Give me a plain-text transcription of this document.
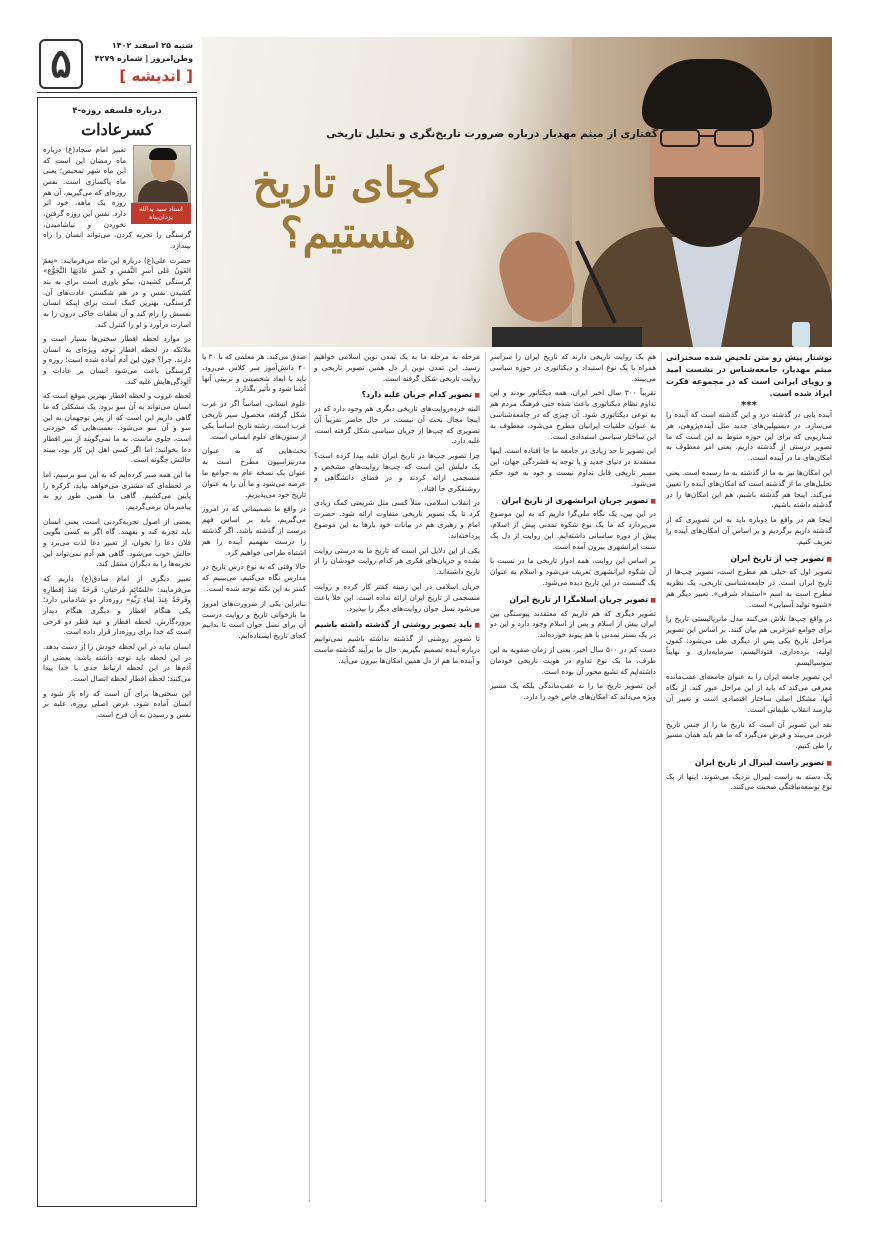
۵	شنبه ۲۵ اسفند ۱۴۰۲
وطن‌امروز | شماره ۴۲۷۹
[ اندیشه ]
درباره فلسفه روزه-۴
کسرعادات
استاد سید یدالله یزدان‌پناه

تعبیر امام سجاد(ع) درباره ماه رمضان این است که این ماه شهر تمحیص؛ یعنی ماه پاکسازی است. نفس روزه‌ای که می‌گیریم، آن هم روزه یک ماهه، خود اثر دارد. نفس این روزه گرفتن، نخوردن و نیاشامیدن، گرسنگی را تجربه کردن، می‌تواند انسان را راه بیندازد.

حضرت علی(ع) درباره این ماه می‌فرمایند: «نِعمَ العَونُ عَلی أسرِ النَّفسِ و کَسرِ عادَتِهَا التَّجَوُّع» گرسنگی کشیدن، نیکو یاوری است برای به بند کشیدن نفس و در هم شکستن عادت‌های آن. گرسنگی، بهترین کمک است برای اینکه انسان نفسش را رام کند و آن تعلقات خاکی درون را به اسارت درآورد و او را کنترل کند.

در موارد لحظه افطار سختی‌ها بسیار است و ملائکه در لحظه افطار توجه ویژه‌ای به انسان دارند. چرا؟ چون این آدم آماده شده است؛ روزه و گرسنگی باعث می‌شود انسان بر عادات و آلودگی‌هایش غلبه کند.

لحظه غروب و لحظه افطار بهترین موقع است که انسان می‌تواند به آن سو برود. یک مشکلی که ما گاهی داریم این است که از پس توجهمان به این سو و آن سو می‌شود. نعمت‌هایی که خوردنی است، جلوی ماست. به ما نمی‌گویند از سر افطار دعا بخوانید؛ اما اگر کسی اهل این کار بود، ببیند حالتش چگونه است.

ما این همه صبر کرده‌ایم که به این سو برسیم. اما در لحظه‌ای که مشتری می‌خواهد بیاید، کرکره را پایین می‌کشیم. گاهی ما همین طور رو به پیامبرمان برمی‌گردیم.

بعضی از اصول تجربه‌کردنی است، یعنی انسان باید تجربه کند و بفهمد. گاه اگر به کسی بگویی فلان دعا را بخوان، از تعبیر دعا لذت می‌برد و حالش خوب می‌شود. گاهی هم آدم نمی‌تواند این تجربه‌ها را به دیگران منتقل کند.

تعبیر دیگری از امام صادق(ع) داریم که می‌فرمایند: «للصّائِمِ فَرحَتانِ: فَرحَةٌ عِندَ إفطارِهِ وفَرحَةٌ عِندَ لِقاءِ رَبِّهِ» روزه‌دار دو شادمانی دارد؛ یکی هنگام افطار و دیگری هنگام دیدار پروردگارش. لحظه افطار و عید فطر دو فرحی است که خدا برای روزه‌دار قرار داده است.

انسان نباید در این لحظه خودش را از دست بدهد. در این لحظه باید توجه داشته باشد. بعضی از آدم‌ها در این لحظه ارتباط جدی با خدا پیدا می‌کنند؛ لحظه افطار لحظه اتصال است.

این سختی‌ها برای آن است که راه باز شود و انسان آماده شود. غرض اصلی روزه، غلبه بر نفس و رسیدن به آن فرح است.

گفتاری از میثم مهدیار درباره ضرورت تاریخ‌نگری و تحلیل تاریخی
کجای تاریخ
هستیم؟
نوشتار پیش رو متن تلخیص شده سخنرانی میثم مهدیار، جامعه‌شناس در نشست امید و رویای ایرانی است که در مجموعه فکرت ایراد شده است.
***

آینده یابی در گذشته درد و این گذشته است که آینده را می‌سازد. در دیسیپلین‌های جدید مثل آینده‌پژوهی، هر سناریویی که برای این حوزه منوط به این است که ما تصویر درستی از گذشته داریم. یعنی امر معطوف به امکان‌های ما در آینده است.

این امکان‌ها نیز به ما از گذشته به ما رسیده است. یعنی تحلیل‌های ما از گذشته است که امکان‌های آینده را تعیین می‌کند. اینجا هم گذشته باشیم، هم این امکان‌ها را در گذشته داشته باشیم.

اینجا هم در واقع ما دوباره باید به این تصویری که از گذشته داریم برگردیم و بر اساس آن امکان‌های آینده را تعریف کنیم.

■ تصویر چپ از تاریخ ایران

تصویر اول که خیلی هم مطرح است، تصویر چپ‌ها از تاریخ ایران است. در جامعه‌شناسی تاریخی، یک نظریه مطرح است به اسم «استبداد شرقی». تعبیر دیگر هم «شیوه تولید آسیایی» است.

در واقع چپ‌ها تلاش می‌کنند مدل ماتریالیستی تاریخ را برای جوامع غیرغربی هم بیان کنند. بر اساس این تصویر مراحل تاریخ یکی پس از دیگری طی می‌شود: کمون اولیه، برده‌داری، فئودالیسم، سرمایه‌داری و نهایتاً سوسیالیسم.

این تصویر جامعه ایران را به عنوان جامعه‌ای عقب‌مانده معرفی می‌کند که باید از این مراحل عبور کند. از نگاه آنها، مشکل اصلی ساختار اقتصادی است و تغییر آن نیازمند انقلاب طبقاتی است.

نقد این تصویر آن است که تاریخ ما را از جنس تاریخ غربی می‌بیند و فرض می‌گیرد که ما هم باید همان مسیر را طی کنیم.

■ تصویر راست لیبرال از تاریخ ایران

یک دسته به راست لیبرال نزدیک می‌شوند. اینها از یک نوع توسعه‌نیافتگی صحبت می‌کنند.

هم یک روایت تاریخی دارند که تاریخ ایران را سراسر همراه با یک نوع استبداد و دیکتاتوری در حوزه سیاسی می‌بینند.

تقریباً ۳۰۰ سال اخیر ایران، همه دیکتاتور بودند و این تداوم نظام دیکتاتوری باعث شده حتی فرهنگ مردم هم به نوعی دیکتاتوری شود. آن چیزی که در جامعه‌شناسی به عنوان خلقیات ایرانیان مطرح می‌شود، معطوف به این ساختار سیاسی استبدادی است.

این تصویر تا حد زیادی در جامعه ما جا افتاده است. اینها معتقدند در دنیای جدید و با توجه به فشردگی جهان، این مسیر تاریخی قابل تداوم نیست و خود به خود حکم می‌شود.

■ تصویر جریان ایرانشهری از تاریخ ایران

در این بین، یک نگاه ملی‌گرا داریم که به این موضوع می‌پردازد که ما یک نوع شکوه تمدنی پیش از اسلام، پیش از دوره ساسانی داشته‌ایم. این روایت از دل یک سنت ایرانشهری بیرون آمده است.

بر اساس این روایت، همه ادوار تاریخی ما در نسبت با آن شکوه ایرانشهری تعریف می‌شود و اسلام به عنوان یک گسست در این تاریخ دیده می‌شود.

■ تصویر جریان اسلامگرا از تاریخ ایران

تصویر دیگری که هم داریم که معتقدند پیوستگی بین ایران پیش از اسلام و پس از اسلام وجود دارد و این دو در یک بستر تمدنی با هم پیوند خورده‌اند.

دست کم در ۵۰۰ سال اخیر، یعنی از زمان صفویه به این طرف، ما یک نوع تداوم در هویت تاریخی خودمان داشته‌ایم که تشیع محور آن بوده است.

این تصویر تاریخ ما را نه عقب‌ماندگی بلکه یک مسیر ویژه می‌داند که امکان‌های خاص خود را دارد.

مرحله به مرحله ما به یک تمدن نوین اسلامی خواهیم رسید. این تمدن نوین از دل همین تصویر تاریخی و روایت تاریخی شکل گرفته است.

■ تصویر کدام جریان غلبه دارد؟

البته خرده‌روایت‌های تاریخی دیگری هم وجود دارد که در اینجا مجال بحث آن نیست. در حال حاضر تقریباً آن تصویری که چپ‌ها از جریان سیاسی شکل گرفته است، غلبه دارد.

چرا تصویر چپ‌ها در تاریخ ایران غلبه پیدا کرده است؟ یک دلیلش این است که چپ‌ها روایت‌های مشخص و منسجمی ارائه کردند و در فضای دانشگاهی و روشنفکری جا افتاد.

در انقلاب اسلامی، مثلاً کسی مثل شریعتی کمک زیادی کرد تا یک تصویر تاریخی متفاوت ارائه شود. حضرت امام و رهبری هم در بیانات خود بارها به این موضوع پرداخته‌اند.

یکی از این دلایل این است که تاریخ ما به درستی روایت نشده و جریان‌های فکری هر کدام روایت خودشان را از تاریخ داشته‌اند.

جریان اسلامی در این زمینه کمتر کار کرده و روایت منسجمی از تاریخ ایران ارائه نداده است. این خلأ باعث می‌شود نسل جوان روایت‌های دیگر را بپذیرد.

■ باید تصویر روشنی از گذشته داشته باشیم

تا تصویر روشنی از گذشته نداشته باشیم نمی‌توانیم درباره آینده تصمیم بگیریم. حال ما برآیند گذشته ماست و آینده ما هم از دل همین امکان‌ها بیرون می‌آید.

صدق می‌کند. هر معلمی که با ۳۰ یا ۴۰ دانش‌آموز سر کلاس می‌رود، باید با ابعاد شخصیتی و تربیتی آنها آشنا شود و تأثیر بگذارد.

علوم انسانی، اساساً اگر در غرب شکل گرفته، محصول سیر تاریخی غرب است. رشته تاریخ اساساً یکی از ستون‌های علوم انسانی است.

بحث‌هایی که به عنوان مدرنیزاسیون مطرح است به عنوان یک نسخه عام به جوامع ما عرضه می‌شود و ما آن را به عنوان تاریخ خود می‌پذیریم.

در واقع ما تصمیماتی که در امروز می‌گیریم، باید بر اساس فهم درست از گذشته باشد. اگر گذشته را درست نفهمیم آینده را هم اشتباه طراحی خواهیم کرد.

حالا وقتی که به نوع درس تاریخ در مدارس نگاه می‌کنیم، می‌بینیم که کمتر به این نکته توجه شده است.

بنابراین یکی از ضرورت‌های امروز ما بازخوانی تاریخ و روایت درست آن برای نسل جوان است تا بدانیم کجای تاریخ ایستاده‌ایم.
